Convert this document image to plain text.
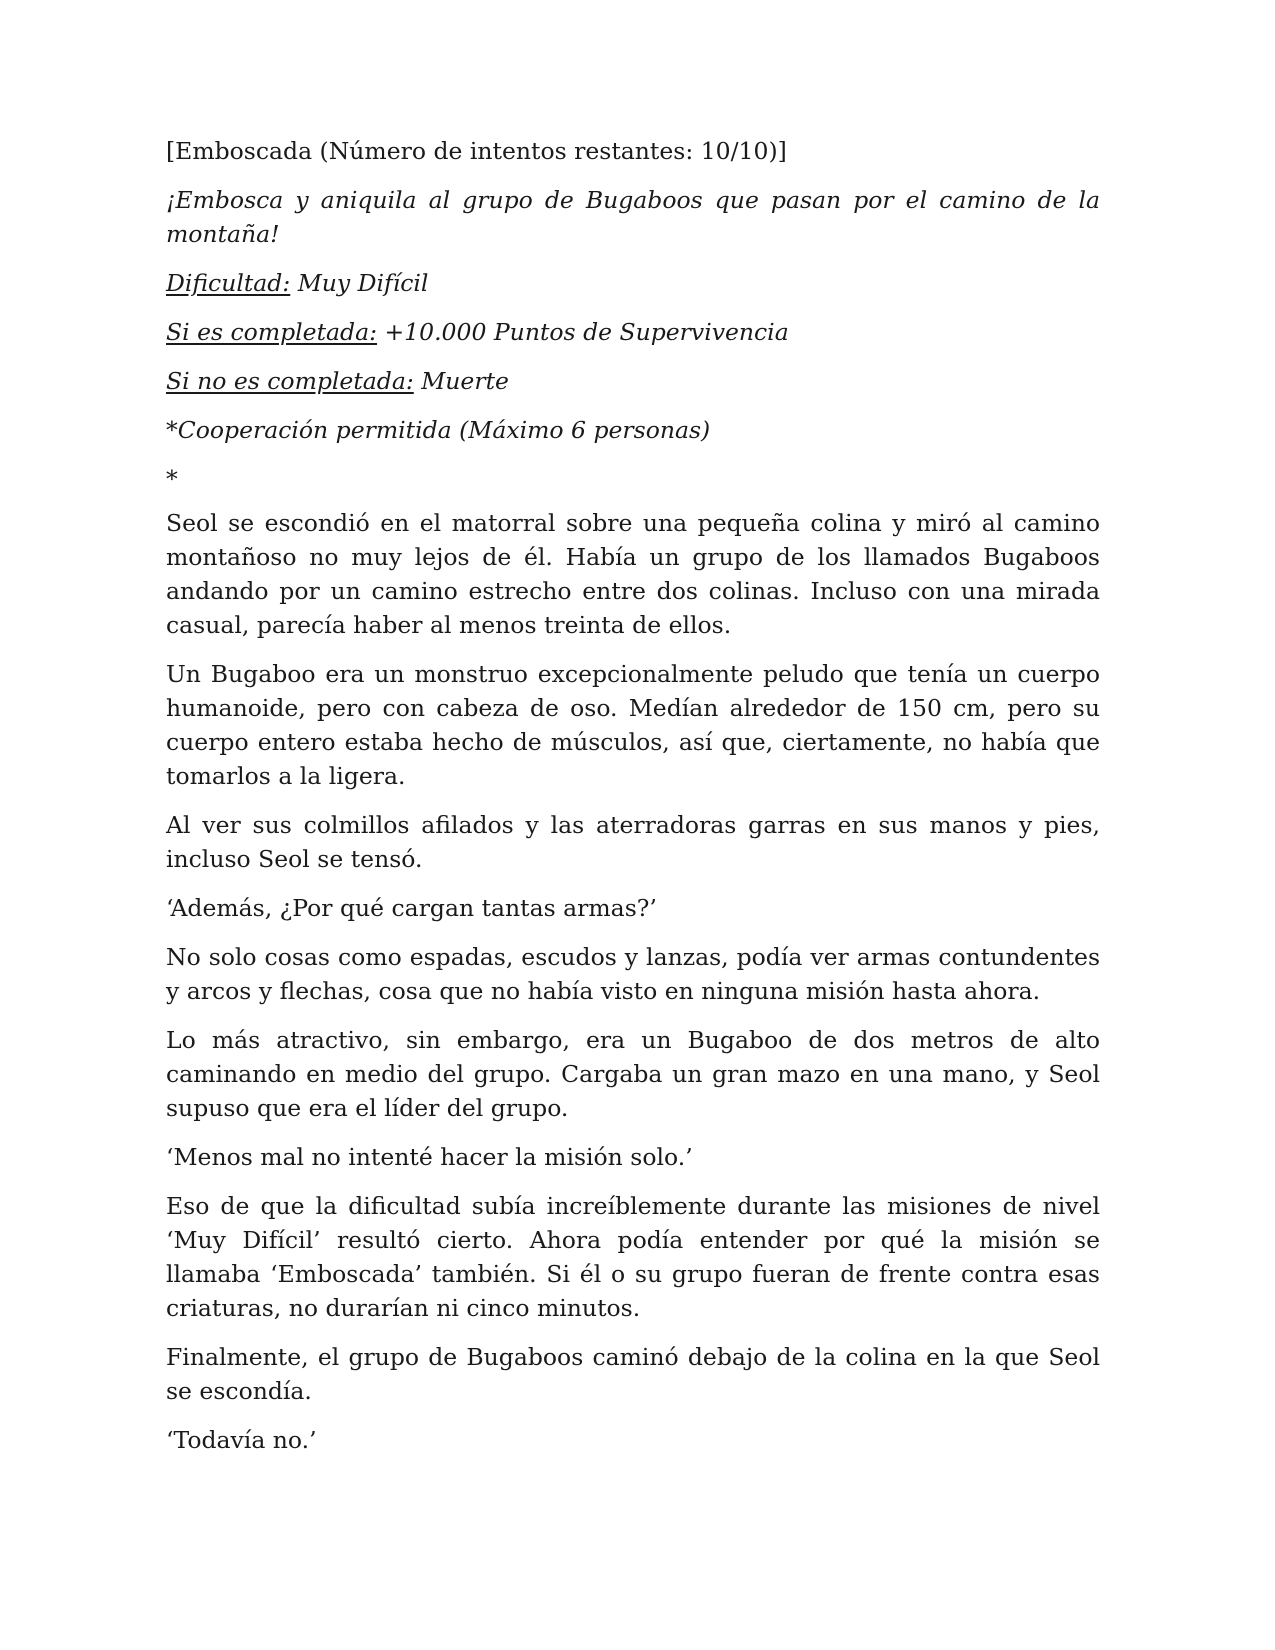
[Emboscada (Número de intentos restantes: 10/10)]

¡Embosca y aniquila al grupo de Bugaboos que pasan por el camino de la montaña!

Dificultad: Muy Difícil

Si es completada: +10.000 Puntos de Supervivencia

Si no es completada: Muerte

*Cooperación permitida (Máximo 6 personas)

*

Seol se escondió en el matorral sobre una pequeña colina y miró al camino montañoso no muy lejos de él. Había un grupo de los llamados Bugaboos andando por un camino estrecho entre dos colinas. Incluso con una mirada casual, parecía haber al menos treinta de ellos.

Un Bugaboo era un monstruo excepcionalmente peludo que tenía un cuerpo humanoide, pero con cabeza de oso. Medían alrededor de 150 cm, pero su cuerpo entero estaba hecho de músculos, así que, ciertamente, no había que tomarlos a la ligera.

Al ver sus colmillos afilados y las aterradoras garras en sus manos y pies, incluso Seol se tensó.

‘Además, ¿Por qué cargan tantas armas?’

No solo cosas como espadas, escudos y lanzas, podía ver armas contundentes y arcos y flechas, cosa que no había visto en ninguna misión hasta ahora.

Lo más atractivo, sin embargo, era un Bugaboo de dos metros de alto caminando en medio del grupo. Cargaba un gran mazo en una mano, y Seol supuso que era el líder del grupo.

‘Menos mal no intenté hacer la misión solo.’

Eso de que la dificultad subía increíblemente durante las misiones de nivel ‘Muy Difícil’ resultó cierto. Ahora podía entender por qué la misión se llamaba ‘Emboscada’ también. Si él o su grupo fueran de frente contra esas criaturas, no durarían ni cinco minutos.

Finalmente, el grupo de Bugaboos caminó debajo de la colina en la que Seol se escondía.

‘Todavía no.’
